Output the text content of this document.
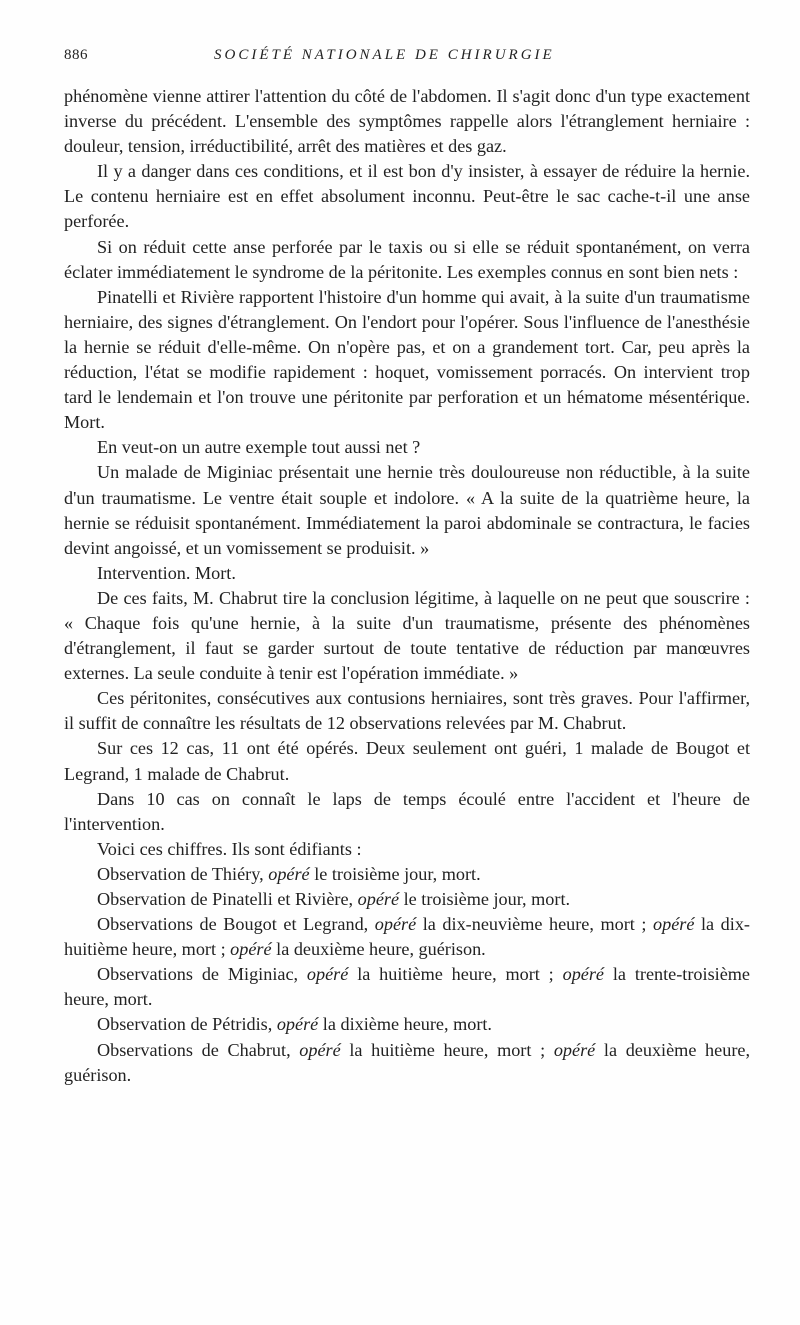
886	SOCIÉTÉ NATIONALE DE CHIRURGIE

phénomène vienne attirer l'attention du côté de l'abdomen. Il s'agit donc d'un type exactement inverse du précédent. L'ensemble des symptômes rappelle alors l'étranglement herniaire : douleur, tension, irréductibilité, arrêt des matières et des gaz.

Il y a danger dans ces conditions, et il est bon d'y insister, à essayer de réduire la hernie. Le contenu herniaire est en effet absolument inconnu. Peut-être le sac cache-t-il une anse perforée.

Si on réduit cette anse perforée par le taxis ou si elle se réduit spontanément, on verra éclater immédiatement le syndrome de la péritonite. Les exemples connus en sont bien nets :

Pinatelli et Rivière rapportent l'histoire d'un homme qui avait, à la suite d'un traumatisme herniaire, des signes d'étranglement. On l'endort pour l'opérer. Sous l'influence de l'anesthésie la hernie se réduit d'elle-même. On n'opère pas, et on a grandement tort. Car, peu après la réduction, l'état se modifie rapidement : hoquet, vomissement porracés. On intervient trop tard le lendemain et l'on trouve une péritonite par perforation et un hématome mésentérique. Mort.

En veut-on un autre exemple tout aussi net ?

Un malade de Miginiac présentait une hernie très douloureuse non réductible, à la suite d'un traumatisme. Le ventre était souple et indolore. « A la suite de la quatrième heure, la hernie se réduisit spontanément. Immédiatement la paroi abdominale se contractura, le facies devint angoissé, et un vomissement se produisit. »

Intervention. Mort.

De ces faits, M. Chabrut tire la conclusion légitime, à laquelle on ne peut que souscrire : « Chaque fois qu'une hernie, à la suite d'un traumatisme, présente des phénomènes d'étranglement, il faut se garder surtout de toute tentative de réduction par manœuvres externes. La seule conduite à tenir est l'opération immédiate. »

Ces péritonites, consécutives aux contusions herniaires, sont très graves. Pour l'affirmer, il suffit de connaître les résultats de 12 observations relevées par M. Chabrut.

Sur ces 12 cas, 11 ont été opérés. Deux seulement ont guéri, 1 malade de Bougot et Legrand, 1 malade de Chabrut.

Dans 10 cas on connaît le laps de temps écoulé entre l'accident et l'heure de l'intervention.

Voici ces chiffres. Ils sont édifiants :

Observation de Thiéry, opéré le troisième jour, mort.

Observation de Pinatelli et Rivière, opéré le troisième jour, mort.

Observations de Bougot et Legrand, opéré la dix-neuvième heure, mort ; opéré la dix-huitième heure, mort ; opéré la deuxième heure, guérison.

Observations de Miginiac, opéré la huitième heure, mort ; opéré la trente-troisième heure, mort.

Observation de Pétridis, opéré la dixième heure, mort.

Observations de Chabrut, opéré la huitième heure, mort ; opéré la deuxième heure, guérison.
